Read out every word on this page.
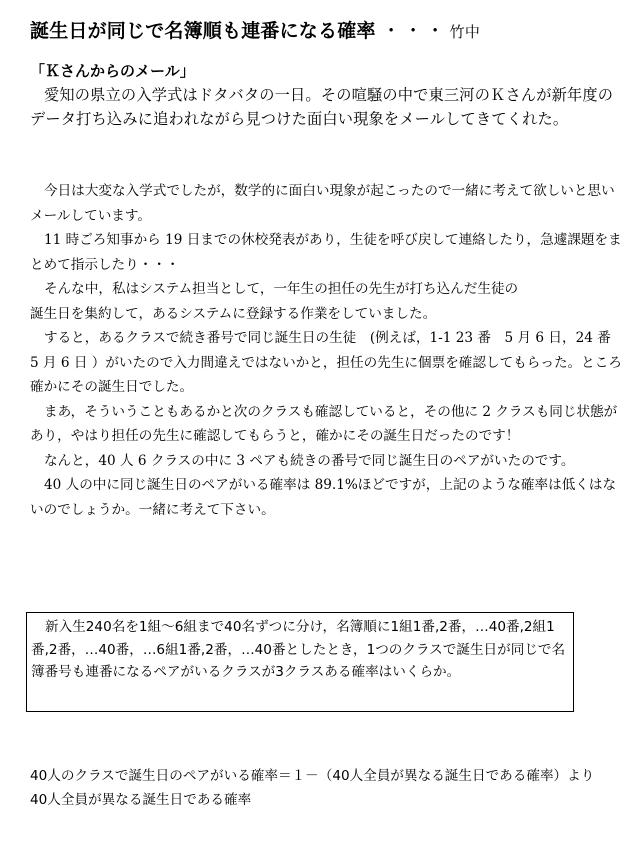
誕生日が同じで名簿順も連番になる確率 ・・・ 竹中
「Ｋさんからのメール」

愛知の県立の入学式はドタバタの一日。その喧騒の中で東三河のＫさんが新年度のデータ打ち込みに追われながら見つけた面白い現象をメールしてきてくれた。

今日は大変な入学式でしたが，数学的に面白い現象が起こったので一緒に考えて欲しいと思いメールしています。

11 時ごろ知事から 19 日までの休校発表があり，生徒を呼び戻して連絡したり，急遽課題をまとめて指示したり・・・

そんな中，私はシステム担当として，一年生の担任の先生が打ち込んだ生徒の

誕生日を集約して，あるシステムに登録する作業をしていました。

すると，あるクラスで続き番号で同じ誕生日の生徒　(例えば，1-1 23 番　5 月 6 日，24 番　5 月 6 日 ）がいたので入力間違えではないかと，担任の先生に個票を確認してもらった。ところ確かにその誕生日でした。

まあ，そういうこともあるかと次のクラスも確認していると，その他に 2 クラスも同じ状態があり，やはり担任の先生に確認してもらうと，確かにその誕生日だったのです！

なんと，40 人 6 クラスの中に 3 ペアも続きの番号で同じ誕生日のペアがいたのです。

40 人の中に同じ誕生日のペアがいる確率は 89.1%ほどですが，上記のような確率は低くはないのでしょうか。一緒に考えて下さい。

新入生240名を1組～6組まで40名ずつに分け，名簿順に1組1番,2番，…40番,2組1番,2番，…40番，…6組1番,2番，…40番としたとき，1つのクラスで誕生日が同じで名簿番号も連番になるペアがいるクラスが3クラスある確率はいくらか。

40人のクラスで誕生日のペアがいる確率＝１－（40人全員が異なる誕生日である確率）より

40人全員が異なる誕生日である確率
